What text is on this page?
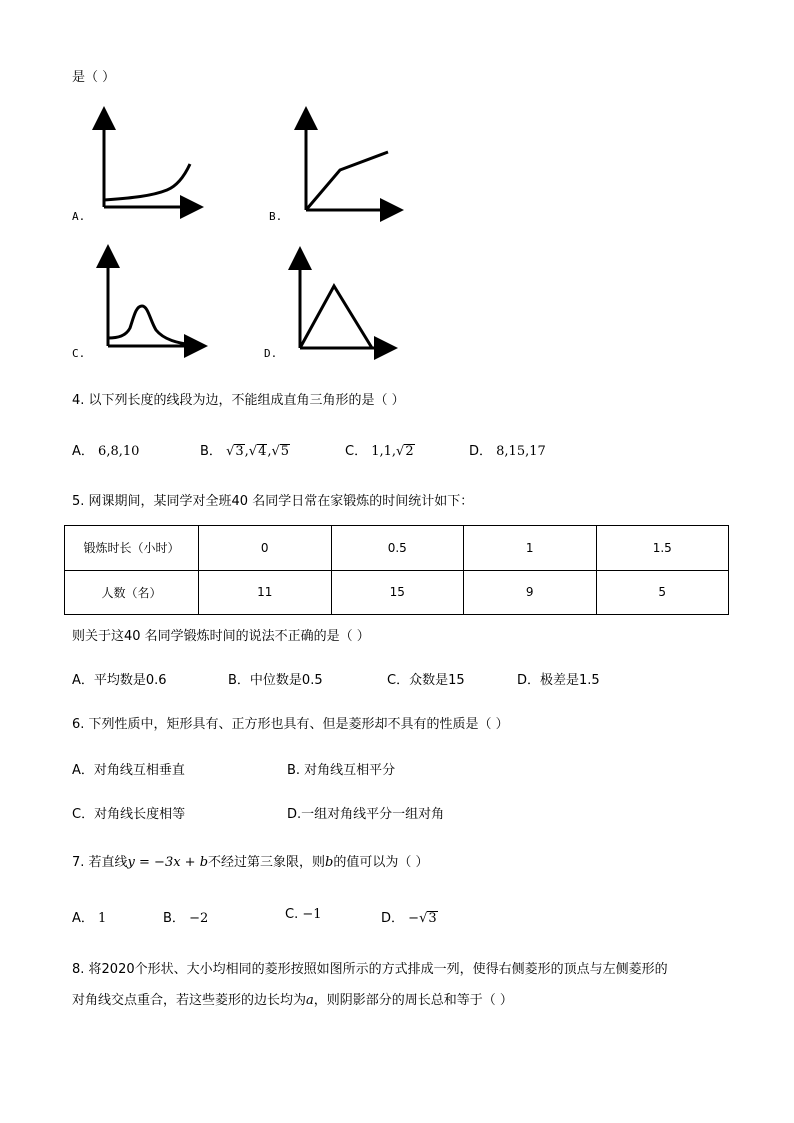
是（ ）
A.	B.
C.	D.
4. 以下列长度的线段为边，不能组成直角三角形的是（ ）
A． 6,8,10	B． √3,√4,√5	C． 1,1,√2	D． 8,15,17
5. 网课期间，某同学对全班40 名同学日常在家锻炼的时间统计如下：
锻炼时长（小时）	0	0.5	1	1.5
人数（名）	11	15	9	5
则关于这40 名同学锻炼时间的说法不正确的是（ ）
A．平均数是0.6	B．中位数是0.5	C．众数是15	D．极差是1.5
6. 下列性质中，矩形具有、正方形也具有、但是菱形却不具有的性质是（ ）
A．对角线互相垂直	B. 对角线互相平分
C．对角线长度相等	D.一组对角线平分一组对角
7. 若直线y = −3x + b不经过第三象限，则b的值可以为（ ）
A． 1	B． −2	C. −1	D． −√3
8. 将2020个形状、大小均相同的菱形按照如图所示的方式排成一列，使得右侧菱形的顶点与左侧菱形的
对角线交点重合，若这些菱形的边长均为a，则阴影部分的周长总和等于（ ）
